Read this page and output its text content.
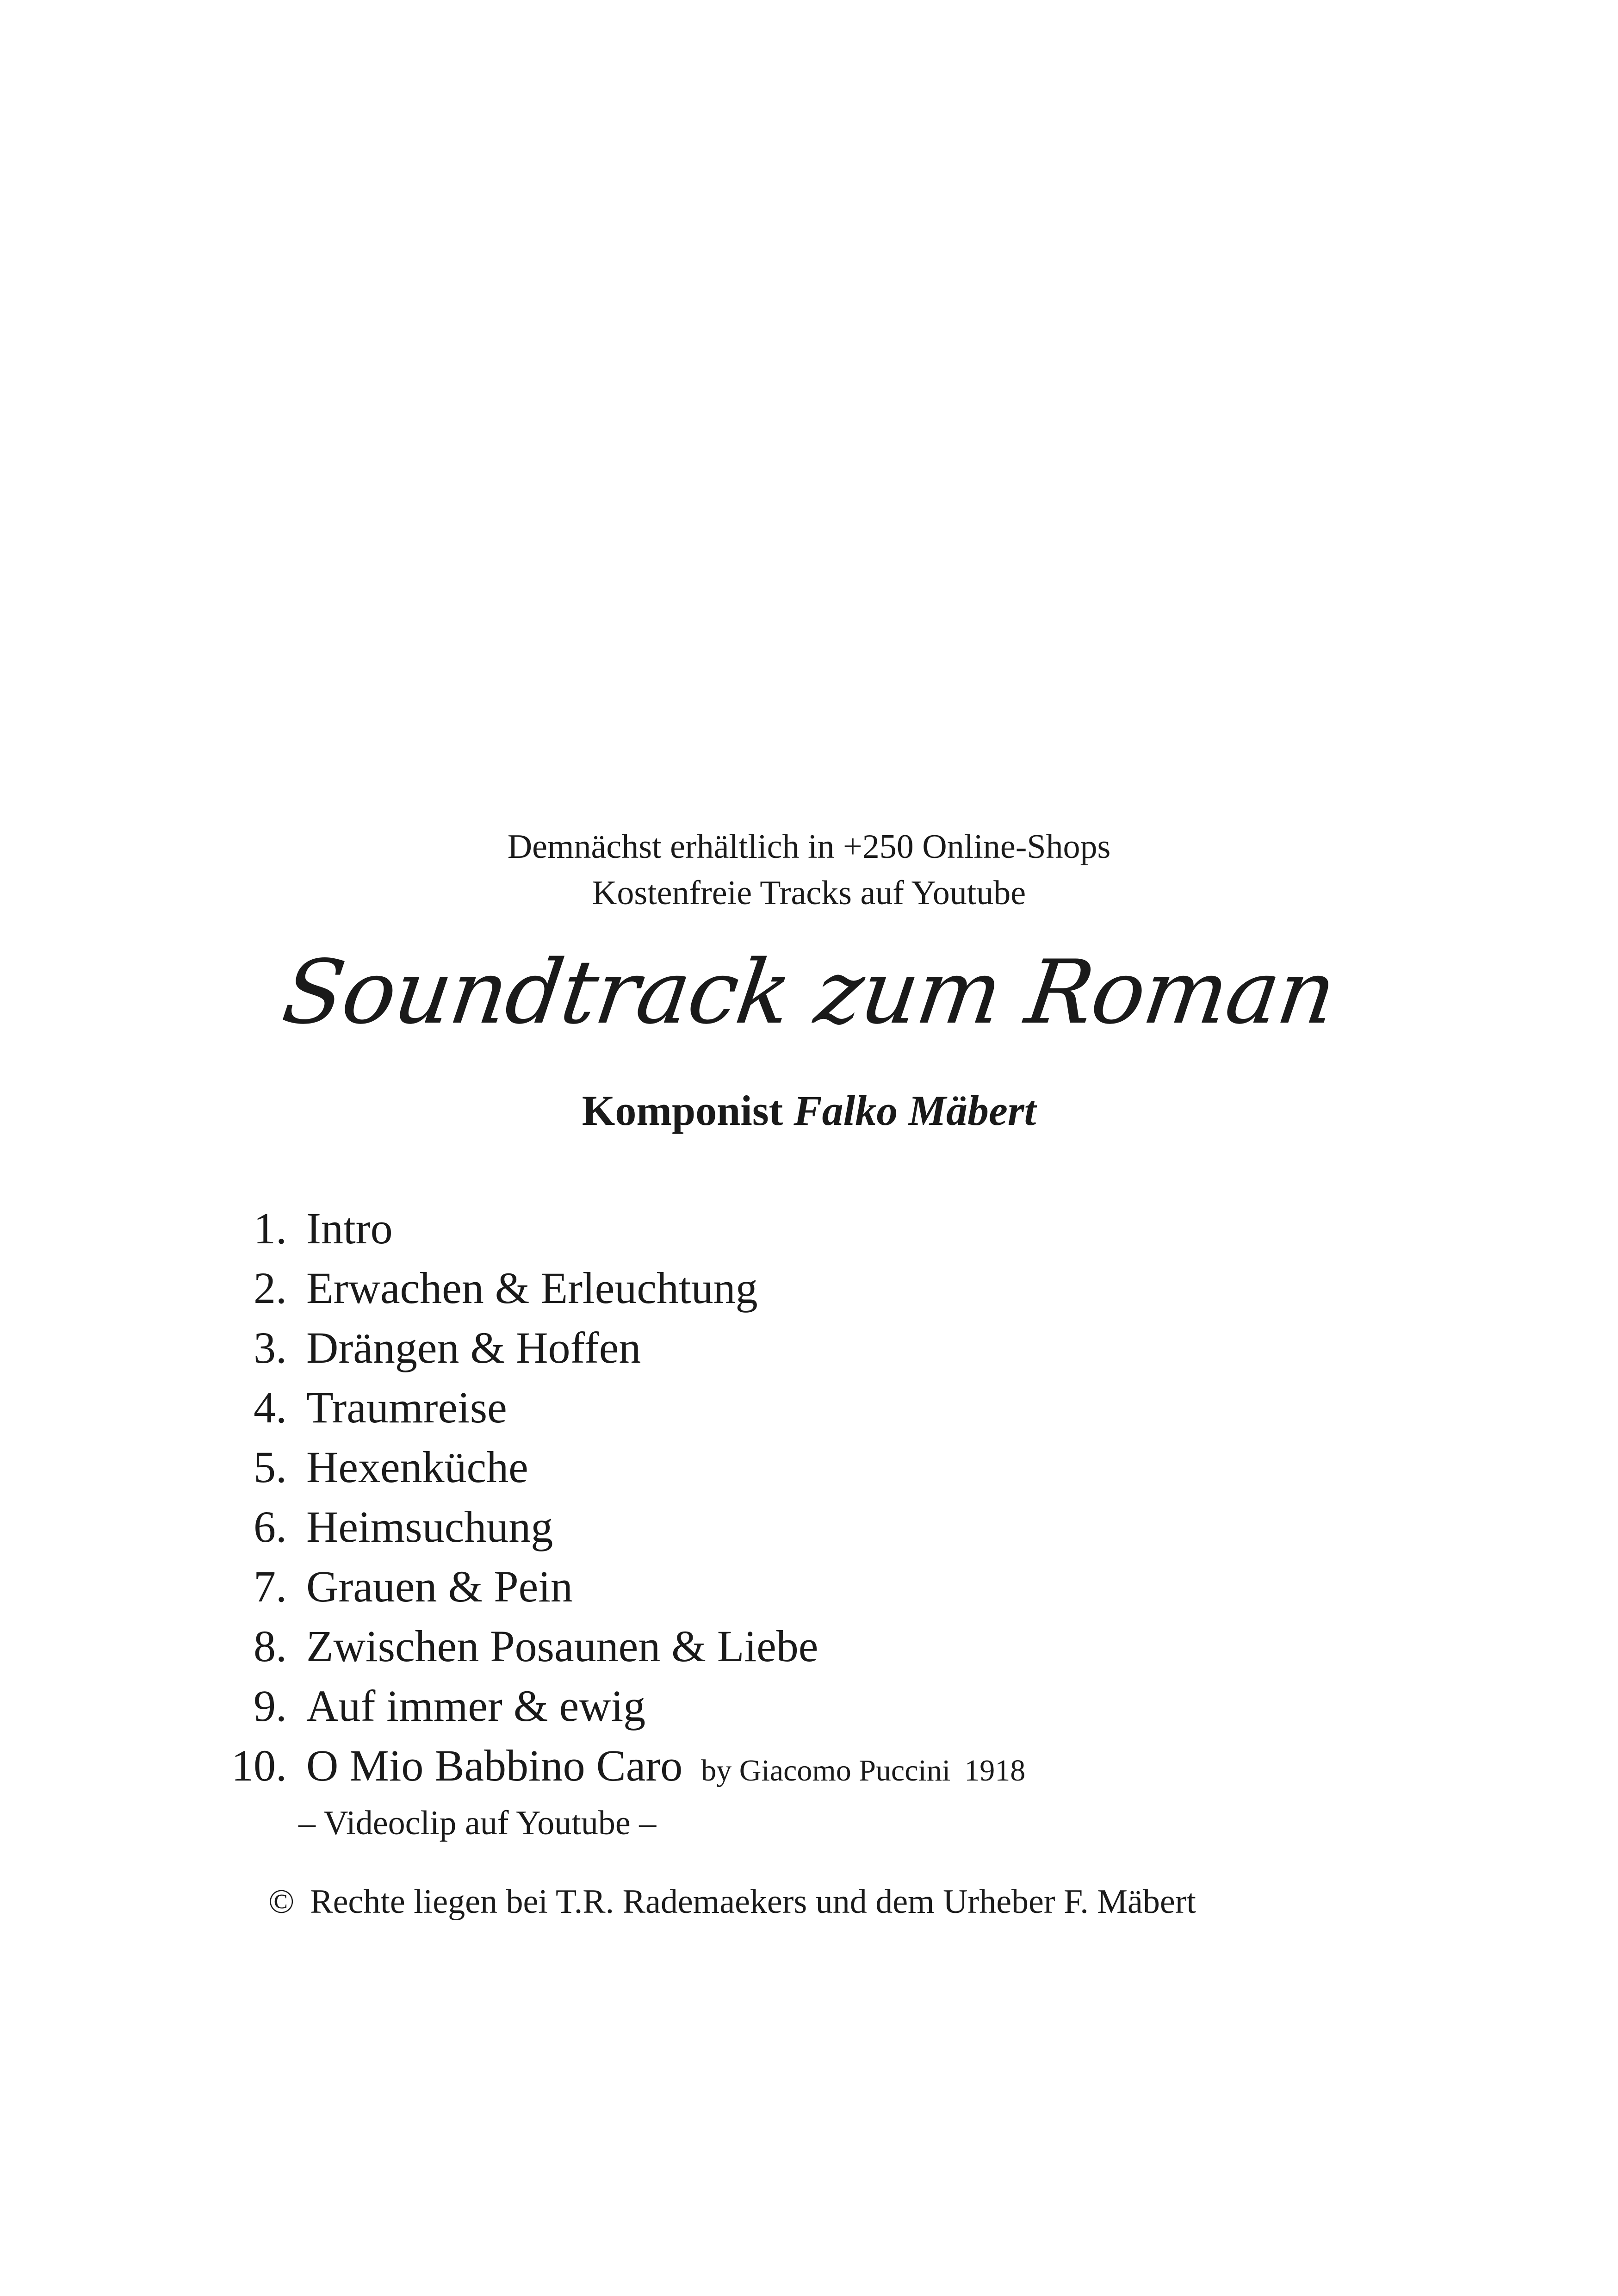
Demnächst erhältlich in +250 Online-Shops
Kostenfreie Tracks auf Youtube
Soundtrack zum Roman
Komponist Falko Mäbert
1. Intro
2. Erwachen & Erleuchtung
3. Drängen & Hoffen
4. Traumreise
5. Hexenküche
6. Heimsuchung
7. Grauen & Pein
8. Zwischen Posaunen & Liebe
9. Auf immer & ewig
10. O Mio Babbino Caro by Giacomo Puccini 1918
– Videoclip auf Youtube –
© Rechte liegen bei T.R. Rademaekers und dem Urheber F. Mäbert
